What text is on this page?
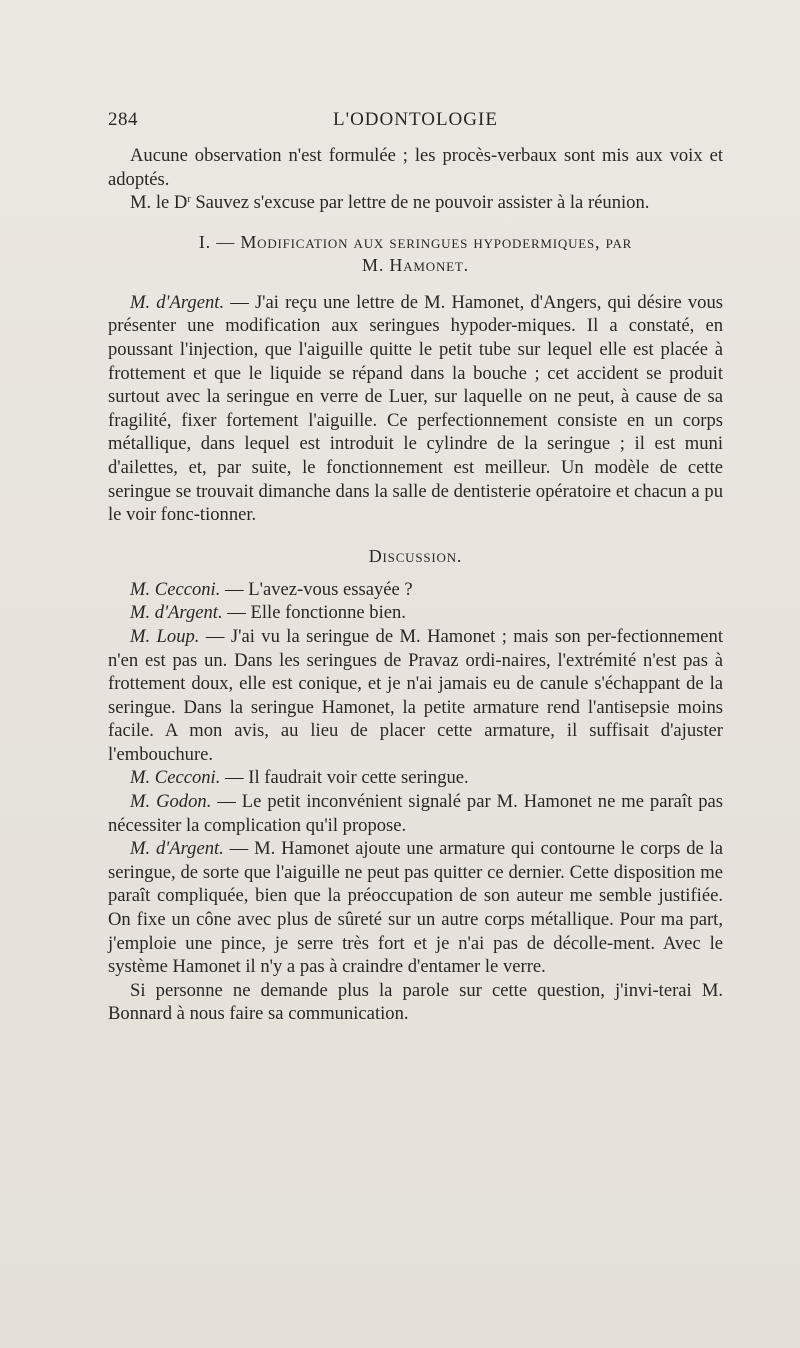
284	L'ODONTOLOGIE

Aucune observation n'est formulée ; les procès-verbaux sont mis aux voix et adoptés.

M. le $D^r$ Sauvez s'excuse par lettre de ne pouvoir assister à la réunion.

I. — Modification aux seringues hypodermiques, par
M. Hamonet.

M. d'Argent. — J'ai reçu une lettre de M. Hamonet, d'Angers, qui désire vous présenter une modification aux seringues hypoder-miques. Il a constaté, en poussant l'injection, que l'aiguille quitte le petit tube sur lequel elle est placée à frottement et que le liquide se répand dans la bouche ; cet accident se produit surtout avec la seringue en verre de Luer, sur laquelle on ne peut, à cause de sa fragilité, fixer fortement l'aiguille. Ce perfectionnement consiste en un corps métallique, dans lequel est introduit le cylindre de la seringue ; il est muni d'ailettes, et, par suite, le fonctionnement est meilleur. Un modèle de cette seringue se trouvait dimanche dans la salle de dentisterie opératoire et chacun a pu le voir fonc-tionner.

Discussion.

M. Cecconi. — L'avez-vous essayée ?

M. d'Argent. — Elle fonctionne bien.

M. Loup. — J'ai vu la seringue de M. Hamonet ; mais son per-fectionnement n'en est pas un. Dans les seringues de Pravaz ordi-naires, l'extrémité n'est pas à frottement doux, elle est conique, et je n'ai jamais eu de canule s'échappant de la seringue. Dans la seringue Hamonet, la petite armature rend l'antisepsie moins facile. A mon avis, au lieu de placer cette armature, il suffisait d'ajuster l'embouchure.

M. Cecconi. — Il faudrait voir cette seringue.

M. Godon. — Le petit inconvénient signalé par M. Hamonet ne me paraît pas nécessiter la complication qu'il propose.

M. d'Argent. — M. Hamonet ajoute une armature qui contourne le corps de la seringue, de sorte que l'aiguille ne peut pas quitter ce dernier. Cette disposition me paraît compliquée, bien que la préoccupation de son auteur me semble justifiée. On fixe un cône avec plus de sûreté sur un autre corps métallique. Pour ma part, j'emploie une pince, je serre très fort et je n'ai pas de décolle-ment. Avec le système Hamonet il n'y a pas à craindre d'entamer le verre.

Si personne ne demande plus la parole sur cette question, j'invi-terai M. Bonnard à nous faire sa communication.
